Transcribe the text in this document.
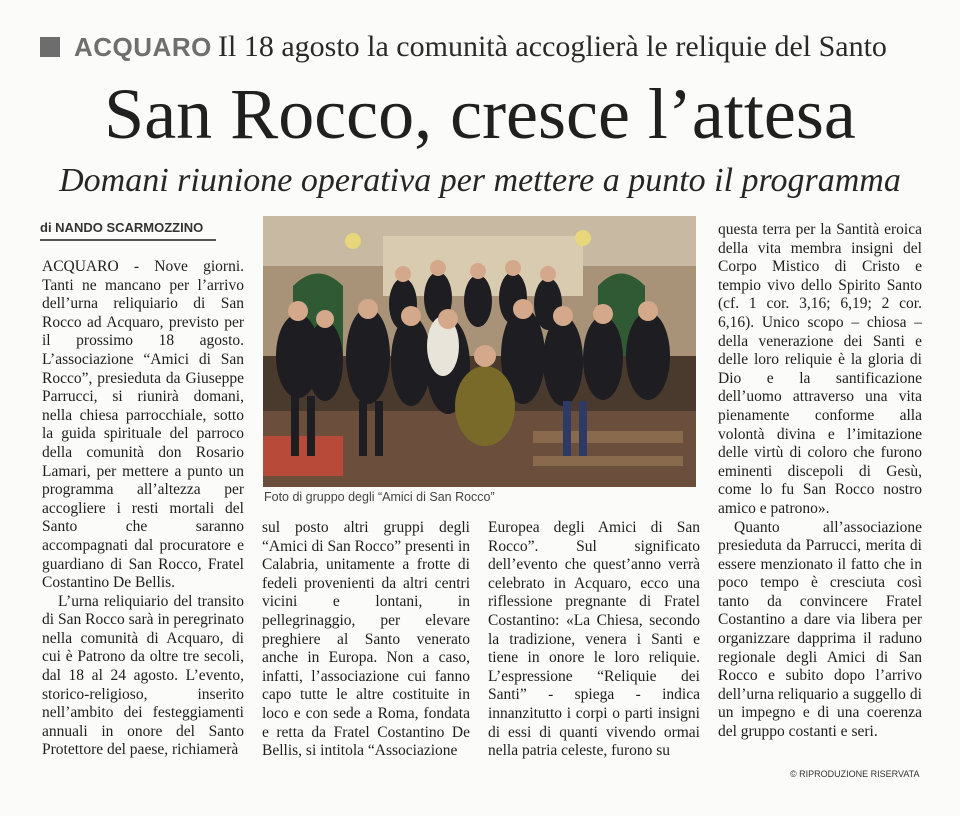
ACQUARO Il 18 agosto la comunità accoglierà le reliquie del Santo
San Rocco, cresce l’attesa
Domani riunione operativa per mettere a punto il programma
di NANDO SCARMOZZINO

ACQUARO - Nove giorni. Tanti ne mancano per l’arrivo dell’urna reliquiario di San Rocco ad Acquaro, previsto per il prossimo 18 agosto. L’associazione “Amici di San Rocco”, presieduta da Giuseppe Parrucci, si riunirà domani, nella chiesa parrocchiale, sotto la guida spirituale del parroco della comunità don Rosario Lamari, per mettere a punto un programma all’altezza per accogliere i resti mortali del Santo che saranno accompagnati dal procuratore e guardiano di San Rocco, Fratel Costantino De Bellis.

L’urna reliquiario del transito di San Rocco sarà in peregrinato nella comunità di Acquaro, di cui è Patrono da oltre tre secoli, dal 18 al 24 agosto. L’evento, storico-religioso, inserito nell’ambito dei festeggiamenti annuali in onore del Santo Protettore del paese, richiamerà

Foto di gruppo degli “Amici di San Rocco”

sul posto altri gruppi degli “Amici di San Rocco” presenti in Calabria, unitamente a frotte di fedeli provenienti da altri centri vicini e lontani, in pellegrinaggio, per elevare preghiere al Santo venerato anche in Europa. Non a caso, infatti, l’associazione cui fanno capo tutte le altre costituite in loco e con sede a Roma, fondata e retta da Fratel Costantino De Bellis, si intitola “Associazione

Europea degli Amici di San Rocco”. Sul significato dell’evento che quest’anno verrà celebrato in Acquaro, ecco una riflessione pregnante di Fratel Costantino: «La Chiesa, secondo la tradizione, venera i Santi e tiene in onore le loro reliquie. L’espressione “Reliquie dei Santi” - spiega - indica innanzitutto i corpi o parti insigni di essi di quanti vivendo ormai nella patria celeste, furono su

questa terra per la Santità eroica della vita membra insigni del Corpo Mistico di Cristo e tempio vivo dello Spirito Santo (cf. 1 cor. 3,16; 6,19; 2 cor. 6,16). Unico scopo – chiosa – della venerazione dei Santi e delle loro reliquie è la gloria di Dio e la santificazione dell’uomo attraverso una vita pienamente conforme alla volontà divina e l’imitazione delle virtù di coloro che furono eminenti discepoli di Gesù, come lo fu San Rocco nostro amico e patrono».

Quanto all’associazione presieduta da Parrucci, merita di essere menzionato il fatto che in poco tempo è cresciuta così tanto da convincere Fratel Costantino a dare via libera per organizzare dapprima il raduno regionale degli Amici di San Rocco e subito dopo l’arrivo dell’urna reliquario a suggello di un impegno e di una coerenza del gruppo costanti e seri.

© RIPRODUZIONE RISERVATA
